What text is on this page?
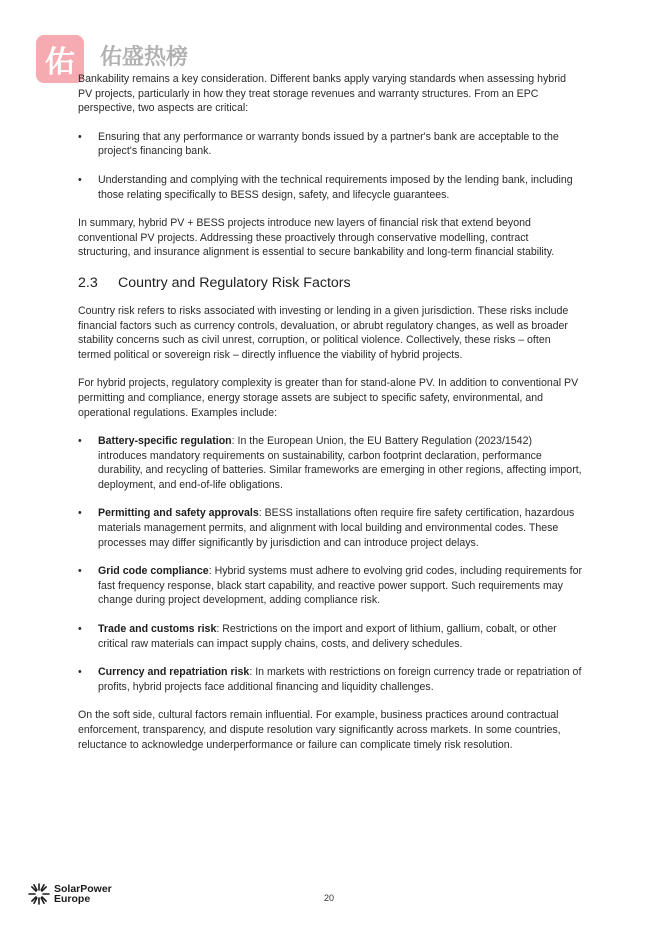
佑	佑盛热榜

Bankability remains a key consideration. Different banks apply varying standards when assessing hybrid PV projects, particularly in how they treat storage revenues and warranty structures. From an EPC perspective, two aspects are critical:

• Ensuring that any performance or warranty bonds issued by a partner's bank are acceptable to the project's financing bank.
• Understanding and complying with the technical requirements imposed by the lending bank, including those relating specifically to BESS design, safety, and lifecycle guarantees.

In summary, hybrid PV + BESS projects introduce new layers of financial risk that extend beyond conventional PV projects. Addressing these proactively through conservative modelling, contract structuring, and insurance alignment is essential to secure bankability and long-term financial stability.

2.3 Country and Regulatory Risk Factors

Country risk refers to risks associated with investing or lending in a given jurisdiction. These risks include financial factors such as currency controls, devaluation, or abrubt regulatory changes, as well as broader stability concerns such as civil unrest, corruption, or political violence. Collectively, these risks – often termed political or sovereign risk – directly influence the viability of hybrid projects.

For hybrid projects, regulatory complexity is greater than for stand-alone PV. In addition to conventional PV permitting and compliance, energy storage assets are subject to specific safety, environmental, and operational regulations. Examples include:

• Battery-specific regulation: In the European Union, the EU Battery Regulation (2023/1542) introduces mandatory requirements on sustainability, carbon footprint declaration, performance durability, and recycling of batteries. Similar frameworks are emerging in other regions, affecting import, deployment, and end-of-life obligations.
• Permitting and safety approvals: BESS installations often require fire safety certification, hazardous materials management permits, and alignment with local building and environmental codes. These processes may differ significantly by jurisdiction and can introduce project delays.
• Grid code compliance: Hybrid systems must adhere to evolving grid codes, including requirements for fast frequency response, black start capability, and reactive power support. Such requirements may change during project development, adding compliance risk.
• Trade and customs risk: Restrictions on the import and export of lithium, gallium, cobalt, or other critical raw materials can impact supply chains, costs, and delivery schedules.
• Currency and repatriation risk: In markets with restrictions on foreign currency trade or repatriation of profits, hybrid projects face additional financing and liquidity challenges.

On the soft side, cultural factors remain influential. For example, business practices around contractual enforcement, transparency, and dispute resolution vary significantly across markets. In some countries, reluctance to acknowledge underperformance or failure can complicate timely risk resolution.

SolarPower
Europe	20
